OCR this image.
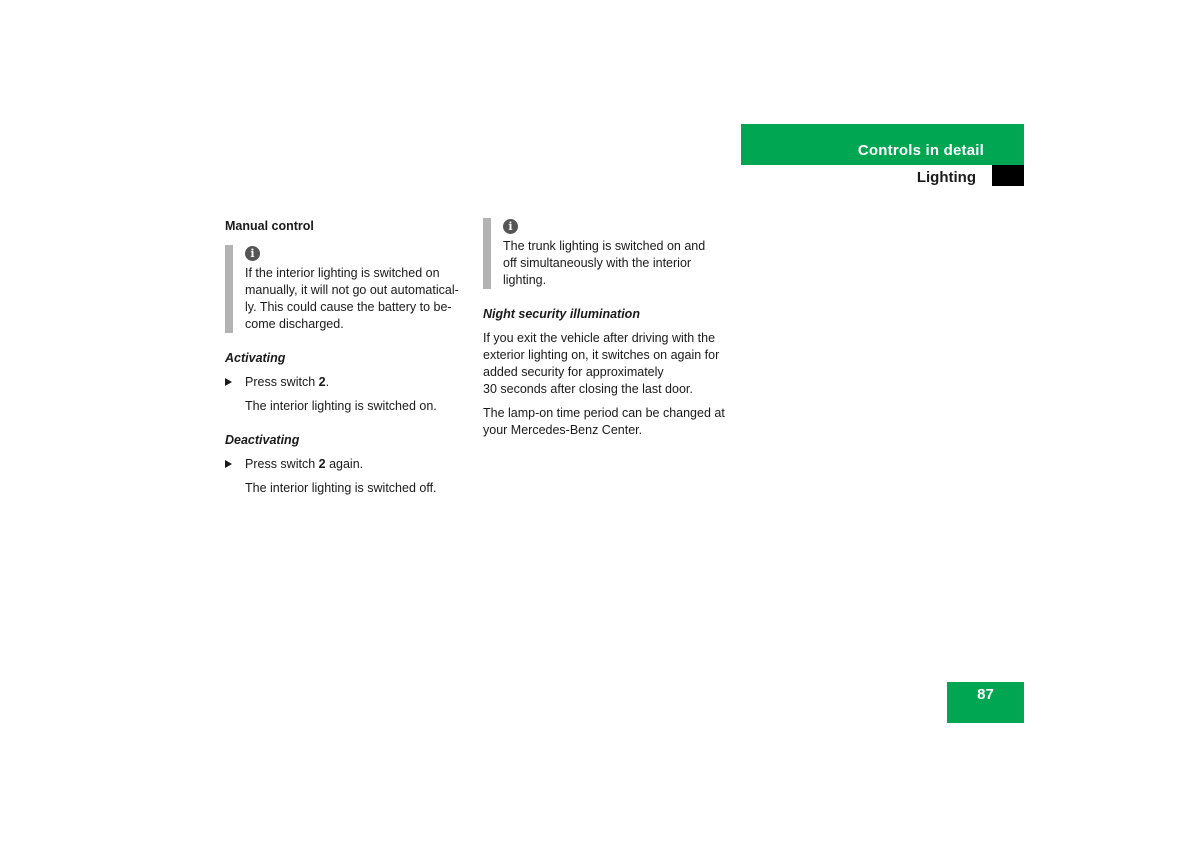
Controls in detail
Lighting

Manual control

i

If the interior lighting is switched on
manually, it will not go out automatical-
ly. This could cause the battery to be-
come discharged.

Activating

Press switch 2.

The interior lighting is switched on.

Deactivating

Press switch 2 again.

The interior lighting is switched off.

i

The trunk lighting is switched on and
off simultaneously with the interior
lighting.

Night security illumination

If you exit the vehicle after driving with the
exterior lighting on, it switches on again for
added security for approximately
30 seconds after closing the last door.

The lamp-on time period can be changed at
your Mercedes-Benz Center.

87
